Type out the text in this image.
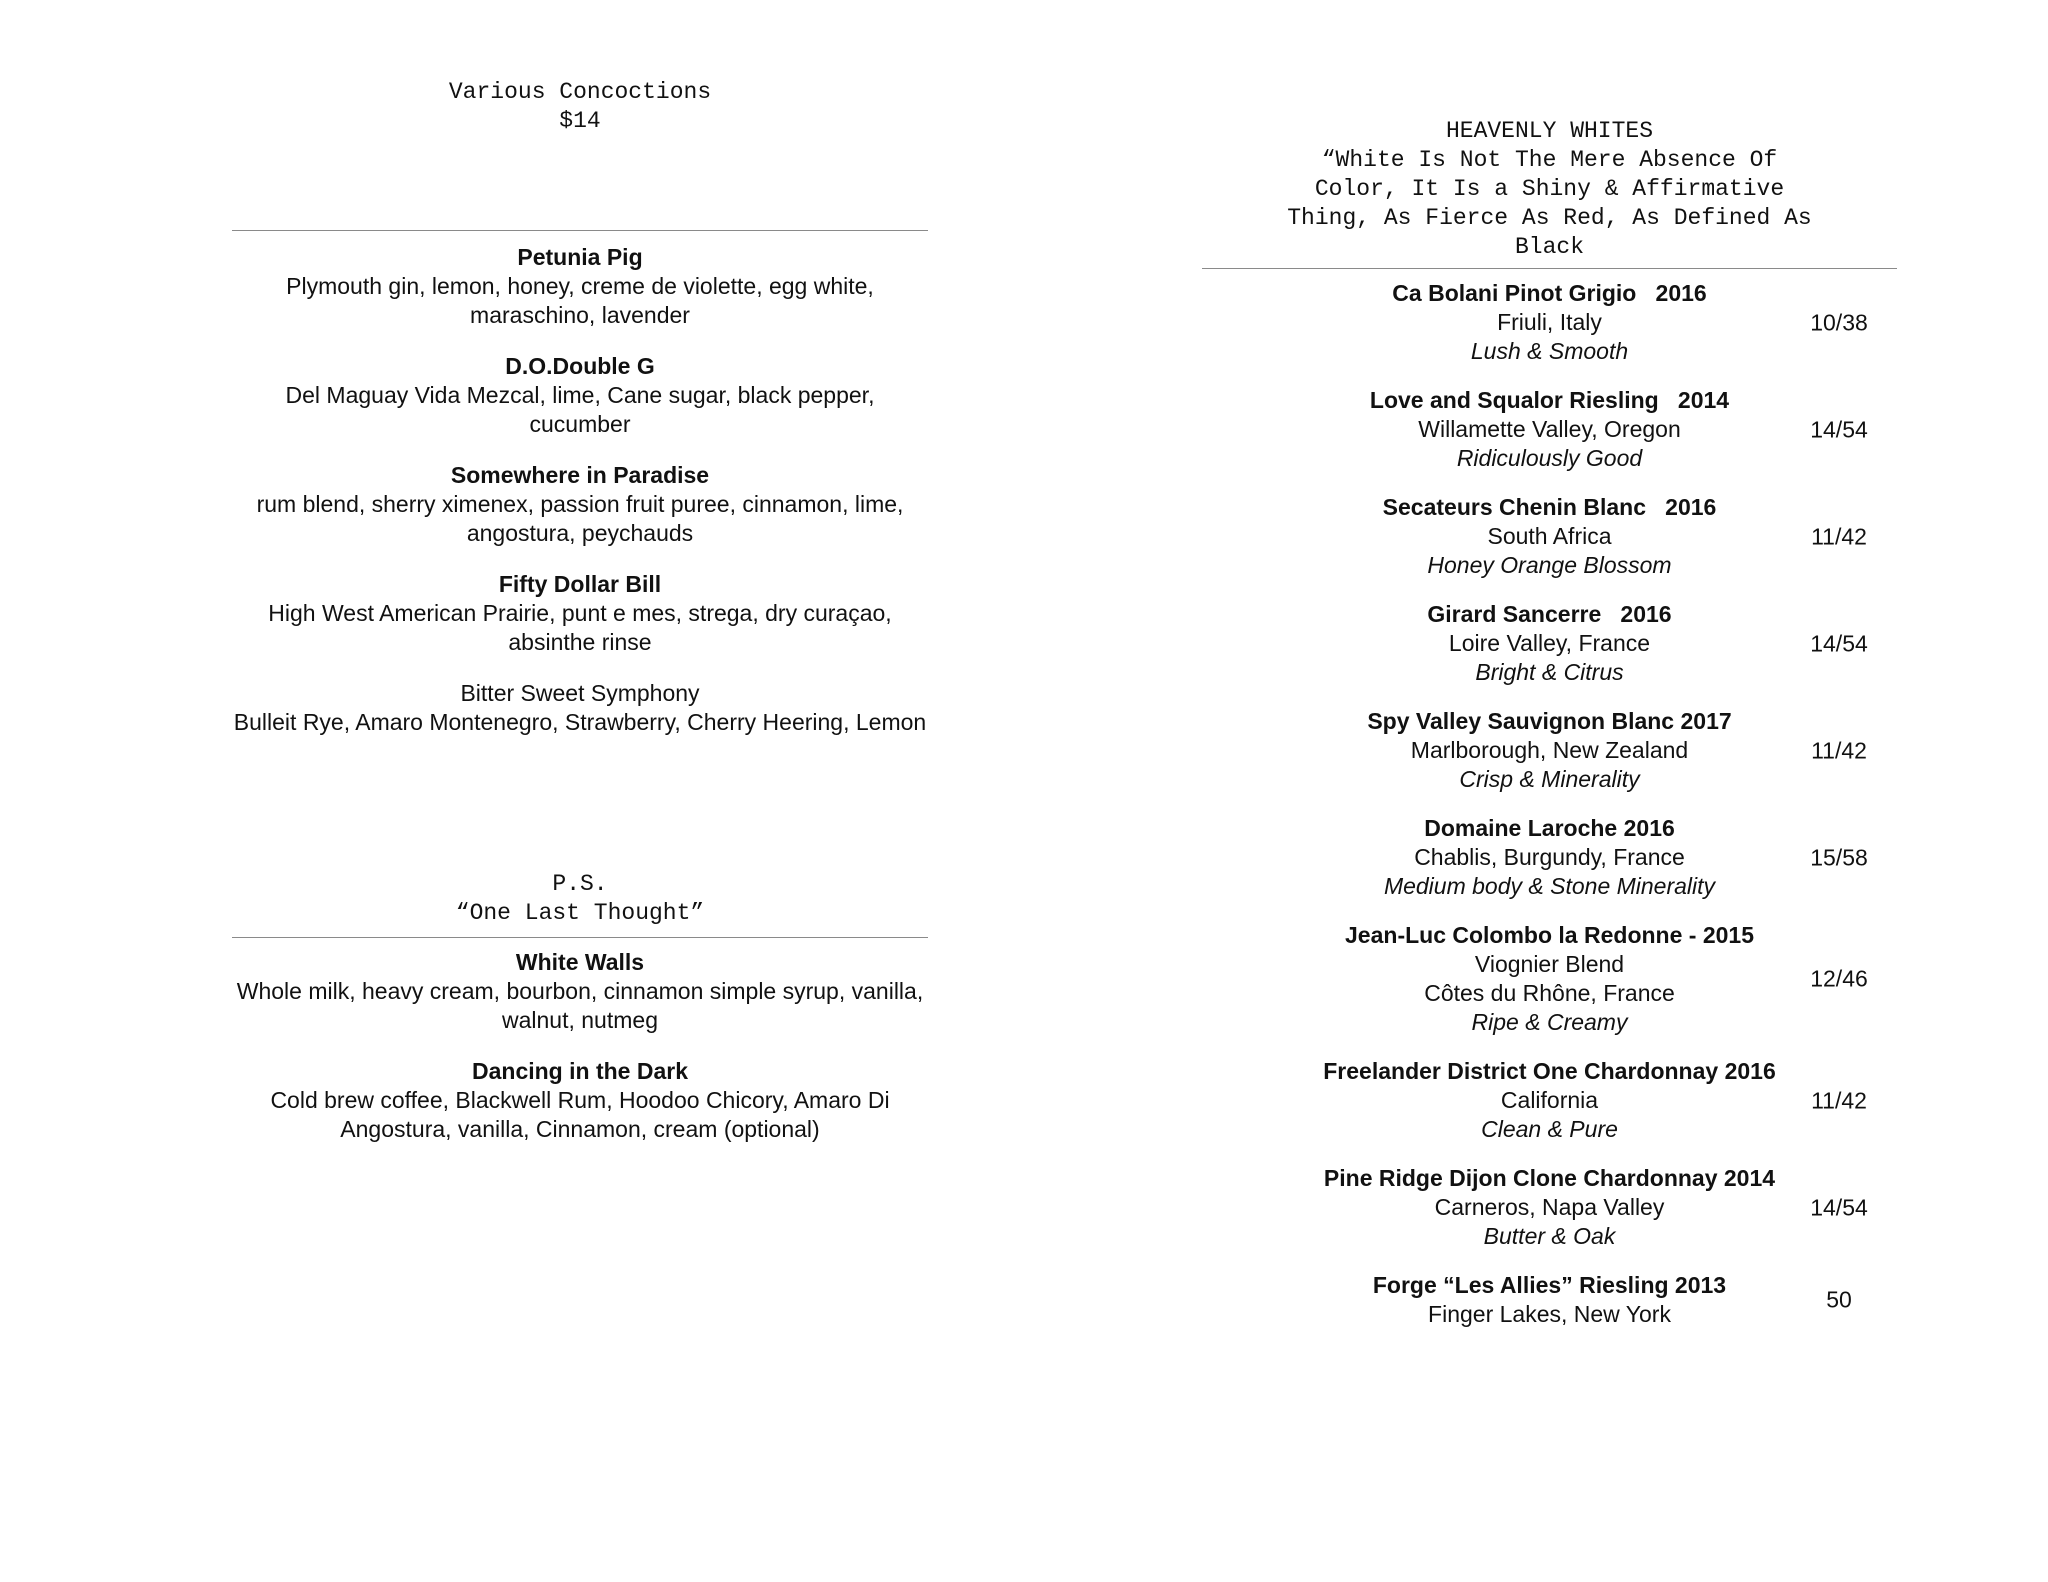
Various Concoctions
$14
Petunia Pig
Plymouth gin, lemon, honey, creme de violette, egg white, maraschino, lavender
D.O.Double G
Del Maguay Vida Mezcal, lime, Cane sugar, black pepper, cucumber
Somewhere in Paradise
rum blend, sherry ximenex, passion fruit puree, cinnamon, lime, angostura, peychauds
Fifty Dollar Bill
High West American Prairie, punt e mes, strega, dry curaçao, absinthe rinse
Bitter Sweet Symphony
Bulleit Rye, Amaro Montenegro, Strawberry, Cherry Heering, Lemon
P.S.
“One Last Thought”
White Walls
Whole milk, heavy cream, bourbon, cinnamon simple syrup, vanilla, walnut, nutmeg
Dancing in the Dark
Cold brew coffee, Blackwell Rum, Hoodoo Chicory, Amaro Di Angostura, vanilla, Cinnamon, cream (optional)
HEAVENLY WHITES
“White Is Not The Mere Absence Of
Color, It Is a Shiny & Affirmative
Thing, As Fierce As Red, As Defined As
Black
Ca Bolani Pinot Grigio   2016
Friuli, Italy
Lush & Smooth
10/38
Love and Squalor Riesling   2014
Willamette Valley, Oregon
Ridiculously Good
14/54
Secateurs Chenin Blanc   2016
South Africa
Honey Orange Blossom
11/42
Girard Sancerre   2016
Loire Valley, France
Bright & Citrus
14/54
Spy Valley Sauvignon Blanc 2017
Marlborough, New Zealand
Crisp & Minerality
11/42
Domaine Laroche 2016
Chablis, Burgundy, France
Medium body & Stone Minerality
15/58
Jean-Luc Colombo la Redonne - 2015
Viognier Blend
Côtes du Rhône, France
Ripe & Creamy
12/46
Freelander District One Chardonnay 2016
California
Clean & Pure
11/42
Pine Ridge Dijon Clone Chardonnay 2014
Carneros, Napa Valley
Butter & Oak
14/54
Forge “Les Allies” Riesling 2013
Finger Lakes, New York
50
